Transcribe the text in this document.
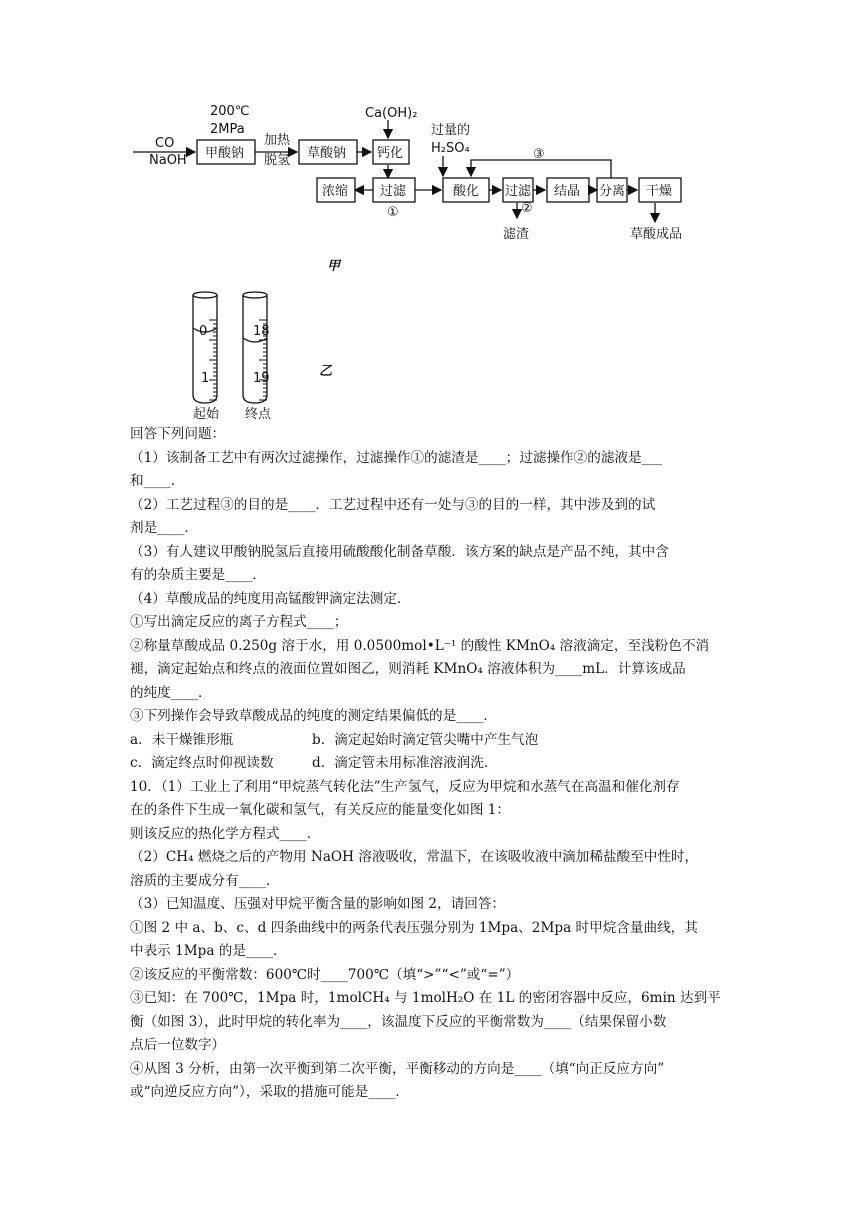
CO
NaOH
200℃
2MPa
加热
脱氢
Ca(OH)₂
过量的
H₂SO₄
甲酸钠	草酸钠 钙化
过滤
浓缩	酸化 过滤 结晶 分离 干燥
①	②
③
滤渣	草酸成品
甲
乙
0
1
18
19
起始 终点

回答下列问题：

（1）该制备工艺中有两次过滤操作，过滤操作①的滤渣是____；过滤操作②的滤液是___

和____．

（2）工艺过程③的目的是____．工艺过程中还有一处与③的目的一样，其中涉及到的试

剂是____．

（3）有人建议甲酸钠脱氢后直接用硫酸酸化制备草酸．该方案的缺点是产品不纯，其中含

有的杂质主要是____．

（4）草酸成品的纯度用高锰酸钾滴定法测定．

①写出滴定反应的离子方程式____；

②称量草酸成品 0.250g 溶于水，用 0.0500mol•L⁻¹ 的酸性 KMnO₄ 溶液滴定，至浅粉色不消

褪，滴定起始点和终点的液面位置如图乙，则消耗 KMnO₄ 溶液体积为____mL．计算该成品

的纯度____．

③下列操作会导致草酸成品的纯度的测定结果偏低的是____．

a．未干燥锥形瓶	b．滴定起始时滴定管尖嘴中产生气泡
c．滴定终点时仰视读数	d．滴定管未用标准溶液润洗．

10．（1）工业上了利用“甲烷蒸气转化法”生产氢气，反应为甲烷和水蒸气在高温和催化剂存

在的条件下生成一氧化碳和氢气，有关反应的能量变化如图 1：

则该反应的热化学方程式____．

（2）CH₄ 燃烧之后的产物用 NaOH 溶液吸收，常温下，在该吸收液中滴加稀盐酸至中性时，

溶质的主要成分有____．

（3）已知温度、压强对甲烷平衡含量的影响如图 2，请回答：

①图 2 中 a、b、c、d 四条曲线中的两条代表压强分别为 1Mpa、2Mpa 时甲烷含量曲线，其

中表示 1Mpa 的是____．

②该反应的平衡常数：600℃时____700℃（填“>”“<”或“=”）

③已知：在 700℃，1Mpa 时，1molCH₄ 与 1molH₂O 在 1L 的密闭容器中反应，6min 达到平

衡（如图 3），此时甲烷的转化率为____，该温度下反应的平衡常数为____（结果保留小数

点后一位数字）

④从图 3 分析，由第一次平衡到第二次平衡，平衡移动的方向是____（填“向正反应方向”

或“向逆反应方向”），采取的措施可能是____．
